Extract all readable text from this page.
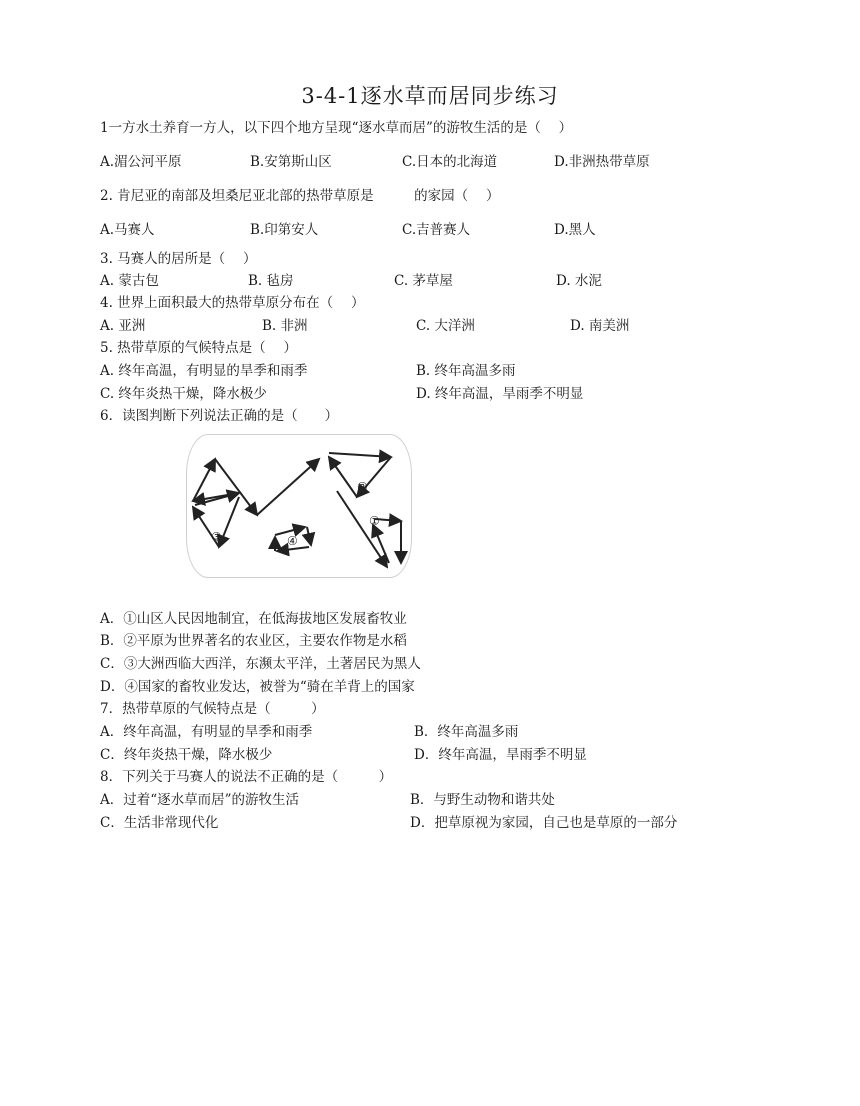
3-4-1逐水草而居同步练习
1一方水土养育一方人，以下四个地方呈现“逐水草而居”的游牧生活的是（　 ）
A.湄公河平原	B.安第斯山区	C.日本的北海道	D.非洲热带草原
2. 肯尼亚的南部及坦桑尼亚北部的热带草原是　　　的家园（　 ）
A.马赛人	B.印第安人	C.吉普赛人	D.黑人
3. 马赛人的居所是（　 ）
A. 蒙古包	B. 毡房	C. 茅草屋	D. 水泥
4. 世界上面积最大的热带草原分布在（　 ）
A. 亚洲	B. 非洲	C. 大洋洲	D. 南美洲
5. 热带草原的气候特点是（　 ）
A. 终年高温，有明显的旱季和雨季	B. 终年高温多雨
C. 终年炎热干燥，降水极少	D. 终年高温，旱雨季不明显
6．读图判断下列说法正确的是（　　）
①
②
③	④
A．①山区人民因地制宜，在低海拔地区发展畜牧业
B．②平原为世界著名的农业区，主要农作物是水稻
C．③大洲西临大西洋，东濒太平洋，土著居民为黑人
D．④国家的畜牧业发达，被誉为“骑在羊背上的国家
7．热带草原的气候特点是（　　　）
A．终年高温，有明显的旱季和雨季	B．终年高温多雨
C．终年炎热干燥，降水极少	D．终年高温，旱雨季不明显
8．下列关于马赛人的说法不正确的是（　　　）
A．过着“逐水草而居”的游牧生活	B．与野生动物和谐共处
C．生活非常现代化	D．把草原视为家园，自己也是草原的一部分
